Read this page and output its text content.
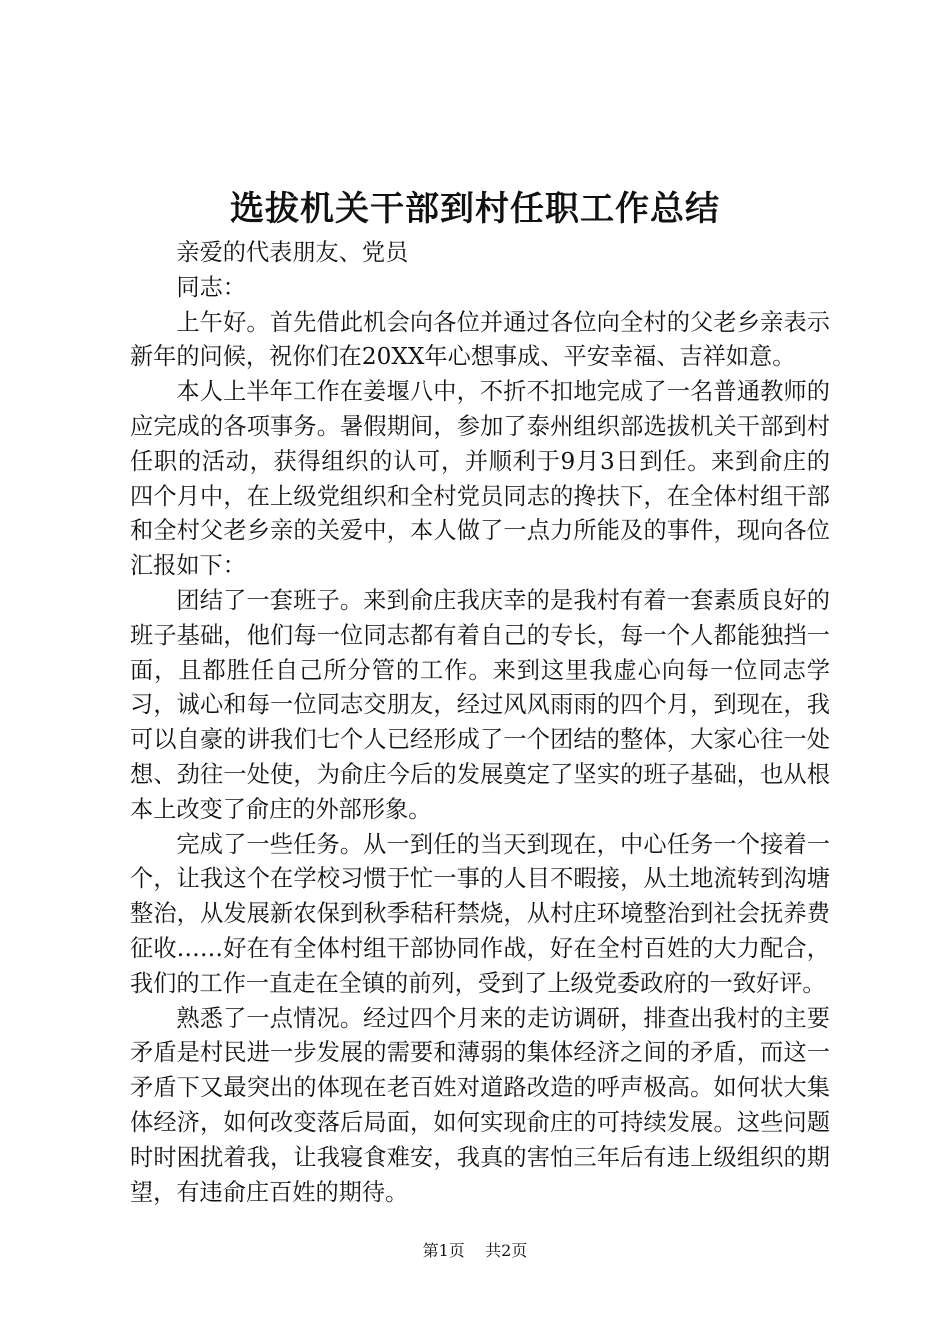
选拔机关干部到村任职工作总结

亲爱的代表朋友、党员

同志：

上午好。首先借此机会向各位并通过各位向全村的父老乡亲表示新年的问候，祝你们在20XX年心想事成、平安幸福、吉祥如意。

本人上半年工作在姜堰八中，不折不扣地完成了一名普通教师的应完成的各项事务。暑假期间，参加了泰州组织部选拔机关干部到村任职的活动，获得组织的认可，并顺利于9月3日到任。来到俞庄的四个月中，在上级党组织和全村党员同志的搀扶下，在全体村组干部和全村父老乡亲的关爱中，本人做了一点力所能及的事件，现向各位汇报如下：

团结了一套班子。来到俞庄我庆幸的是我村有着一套素质良好的班子基础，他们每一位同志都有着自己的专长，每一个人都能独挡一面，且都胜任自己所分管的工作。来到这里我虚心向每一位同志学习，诚心和每一位同志交朋友，经过风风雨雨的四个月，到现在，我可以自豪的讲我们七个人已经形成了一个团结的整体，大家心往一处想、劲往一处使，为俞庄今后的发展奠定了坚实的班子基础，也从根本上改变了俞庄的外部形象。

完成了一些任务。从一到任的当天到现在，中心任务一个接着一个，让我这个在学校习惯于忙一事的人目不暇接，从土地流转到沟塘整治，从发展新农保到秋季秸秆禁烧，从村庄环境整治到社会抚养费征收……好在有全体村组干部协同作战，好在全村百姓的大力配合，我们的工作一直走在全镇的前列，受到了上级党委政府的一致好评。

熟悉了一点情况。经过四个月来的走访调研，排查出我村的主要矛盾是村民进一步发展的需要和薄弱的集体经济之间的矛盾，而这一矛盾下又最突出的体现在老百姓对道路改造的呼声极高。如何状大集体经济，如何改变落后局面，如何实现俞庄的可持续发展。这些问题时时困扰着我，让我寝食难安，我真的害怕三年后有违上级组织的期望，有违俞庄百姓的期待。

第1页 共2页
